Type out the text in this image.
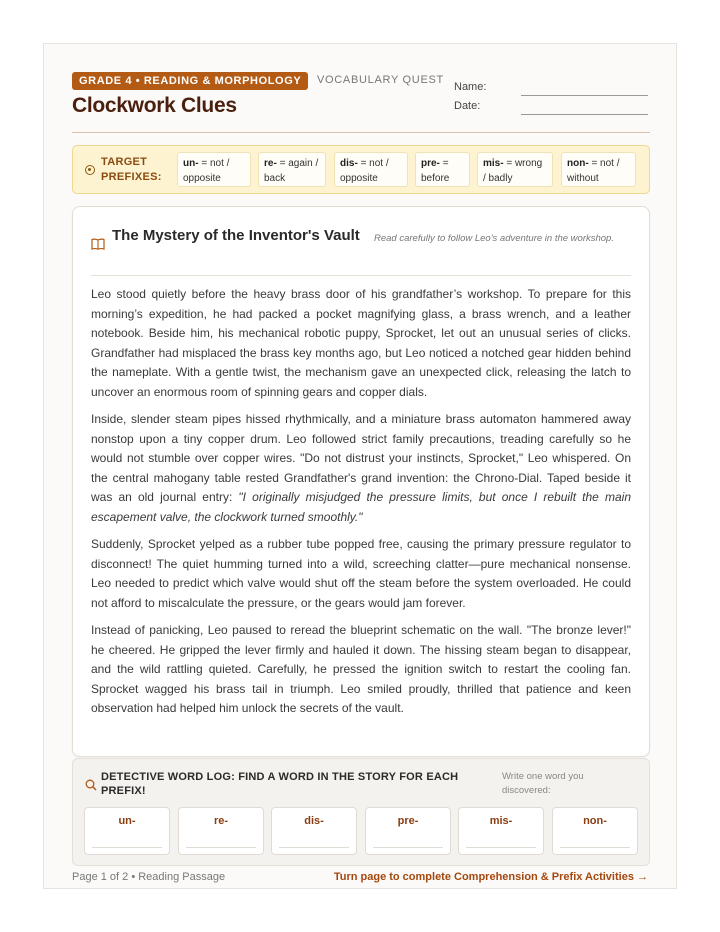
GRADE 4 • READING & MORPHOLOGY	VOCABULARY QUEST
Clockwork Clues
Name:
Date:
TARGET PREFIXES:
un- = not / opposite
re- = again / back
dis- = not / opposite
pre- = before
mis- = wrong / badly
non- = not / without
The Mystery of the Inventor's Vault Read carefully to follow Leo's adventure in the workshop.

Leo stood quietly before the heavy brass door of his grandfather’s workshop. To prepare for this morning’s expedition, he had packed a pocket magnifying glass, a brass wrench, and a leather notebook. Beside him, his mechanical robotic puppy, Sprocket, let out an unusual series of clicks. Grandfather had misplaced the brass key months ago, but Leo noticed a notched gear hidden behind the nameplate. With a gentle twist, the mechanism gave an unexpected click, releasing the latch to uncover an enormous room of spinning gears and copper dials.

Inside, slender steam pipes hissed rhythmically, and a miniature brass automaton hammered away nonstop upon a tiny copper drum. Leo followed strict family precautions, treading carefully so he would not stumble over copper wires. "Do not distrust your instincts, Sprocket," Leo whispered. On the central mahogany table rested Grandfather's grand invention: the Chrono-Dial. Taped beside it was an old journal entry: "I originally misjudged the pressure limits, but once I rebuilt the main escapement valve, the clockwork turned smoothly."

Suddenly, Sprocket yelped as a rubber tube popped free, causing the primary pressure regulator to disconnect! The quiet humming turned into a wild, screeching clatter—pure mechanical nonsense. Leo needed to predict which valve would shut off the steam before the system overloaded. He could not afford to miscalculate the pressure, or the gears would jam forever.

Instead of panicking, Leo paused to reread the blueprint schematic on the wall. "The bronze lever!" he cheered. He gripped the lever firmly and hauled it down. The hissing steam began to disappear, and the wild rattling quieted. Carefully, he pressed the ignition switch to restart the cooling fan. Sprocket wagged his brass tail in triumph. Leo smiled proudly, thrilled that patience and keen observation had helped him unlock the secrets of the vault.

DETECTIVE WORD LOG: FIND A WORD IN THE STORY FOR EACH PREFIX!
Write one word you discovered:
un-	re-	dis-	pre-	mis-	non-
Page 1 of 2 • Reading Passage	Turn page to complete Comprehension & Prefix Activities →
